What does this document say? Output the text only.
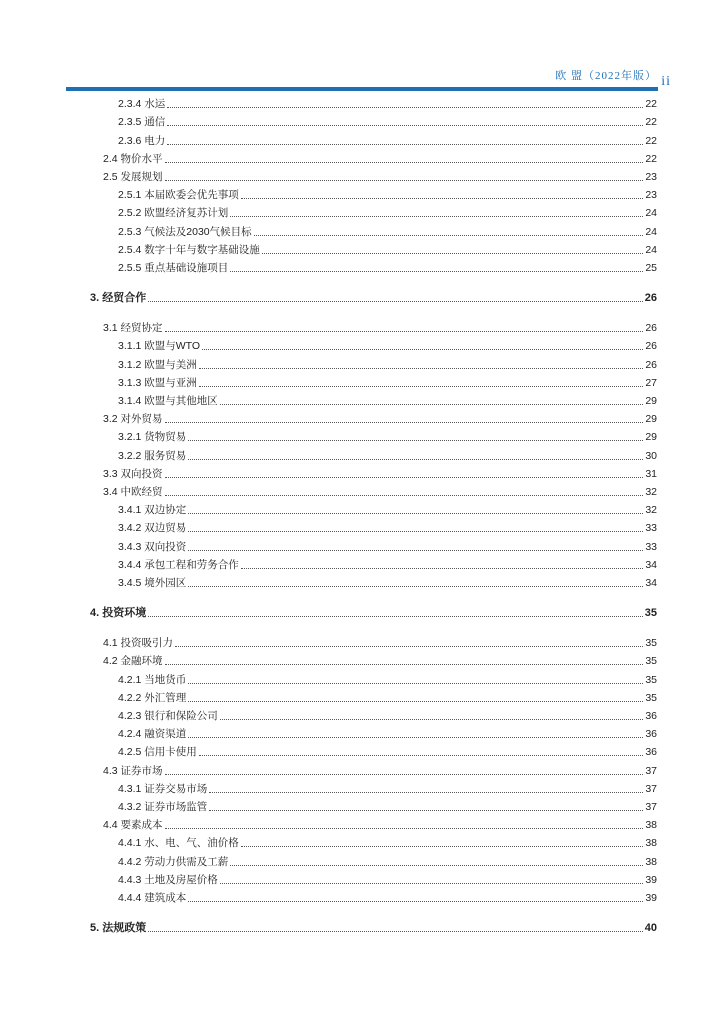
欧 盟（2022年版） ii
2.3.4 水运	22
2.3.5 通信	22
2.3.6 电力	22
2.4 物价水平	22
2.5 发展规划	23
2.5.1 本届欧委会优先事项	23
2.5.2 欧盟经济复苏计划	24
2.5.3 气候法及2030气候目标	24
2.5.4 数字十年与数字基础设施	24
2.5.5 重点基础设施项目	25
3. 经贸合作	26
3.1 经贸协定	26
3.1.1 欧盟与WTO	26
3.1.2 欧盟与美洲	26
3.1.3 欧盟与亚洲	27
3.1.4 欧盟与其他地区	29
3.2 对外贸易	29
3.2.1 货物贸易	29
3.2.2 服务贸易	30
3.3 双向投资	31
3.4 中欧经贸	32
3.4.1 双边协定	32
3.4.2 双边贸易	33
3.4.3 双向投资	33
3.4.4 承包工程和劳务合作	34
3.4.5 境外园区	34
4. 投资环境	35
4.1 投资吸引力	35
4.2 金融环境	35
4.2.1 当地货币	35
4.2.2 外汇管理	35
4.2.3 银行和保险公司	36
4.2.4 融资渠道	36
4.2.5 信用卡使用	36
4.3 证券市场	37
4.3.1 证券交易市场	37
4.3.2 证券市场监管	37
4.4 要素成本	38
4.4.1 水、电、气、油价格	38
4.4.2 劳动力供需及工薪	38
4.4.3 土地及房屋价格	39
4.4.4 建筑成本	39
5. 法规政策	40
